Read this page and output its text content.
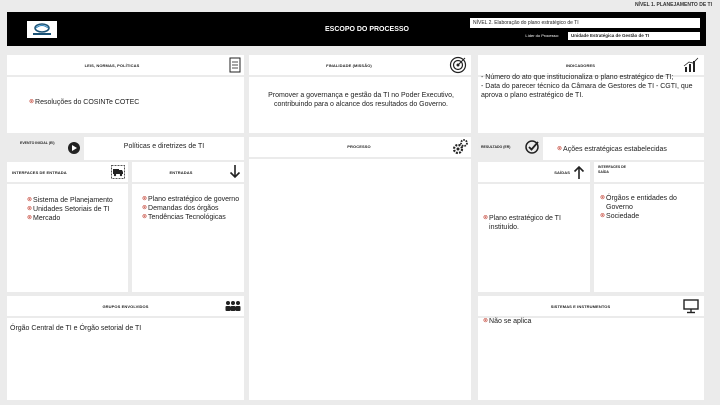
NÍVEL 1. PLANEJAMENTO DE TI
ESCOPO DO PROCESSO
NÍVEL 2. Elaboração do plano estratégico de TI
Líder do Processo:	Unidade Estratégica de Gestão de TI
LEIS, NORMAS, POLÍTICAS	FINALIDADE (MISSÃO)	INDICADORES
⊗ Resoluções do COSINTe COTEC
Promover a governança e gestão da TI no Poder Executivo, contribuindo para o alcance dos resultados do Governo.
- Número do ato que institucionaliza o plano estratégico de TI;
- Data do parecer técnico da Câmara de Gestores de TI - CGTI, que aprova o plano estratégico de TI.
EVENTO INICIAL (EI)	Políticas e diretrizes de TI	PROCESSO	RESULTADO (ER)	⊗ Ações estratégicas estabelecidas
INTERFACES DE ENTRADA	ENTRADAS	SAÍDAS
INTERFACES DE SAÍDA
⊗ Sistema de Planejamento
⊗ Unidades Setoriais de TI
⊗ Mercado
⊗ Plano estratégico de governo
⊗ Demandas dos órgãos
⊗ Tendências Tecnológicas	⊗ Plano estratégico de TI instituído.
⊗ Órgãos e entidades do Governo
⊗ Sociedade
GRUPOS ENVOLVIDOS	SISTEMAS E INSTRUMENTOS
Órgão Central de TI e Órgão setorial de TI
⊗ Não se aplica
